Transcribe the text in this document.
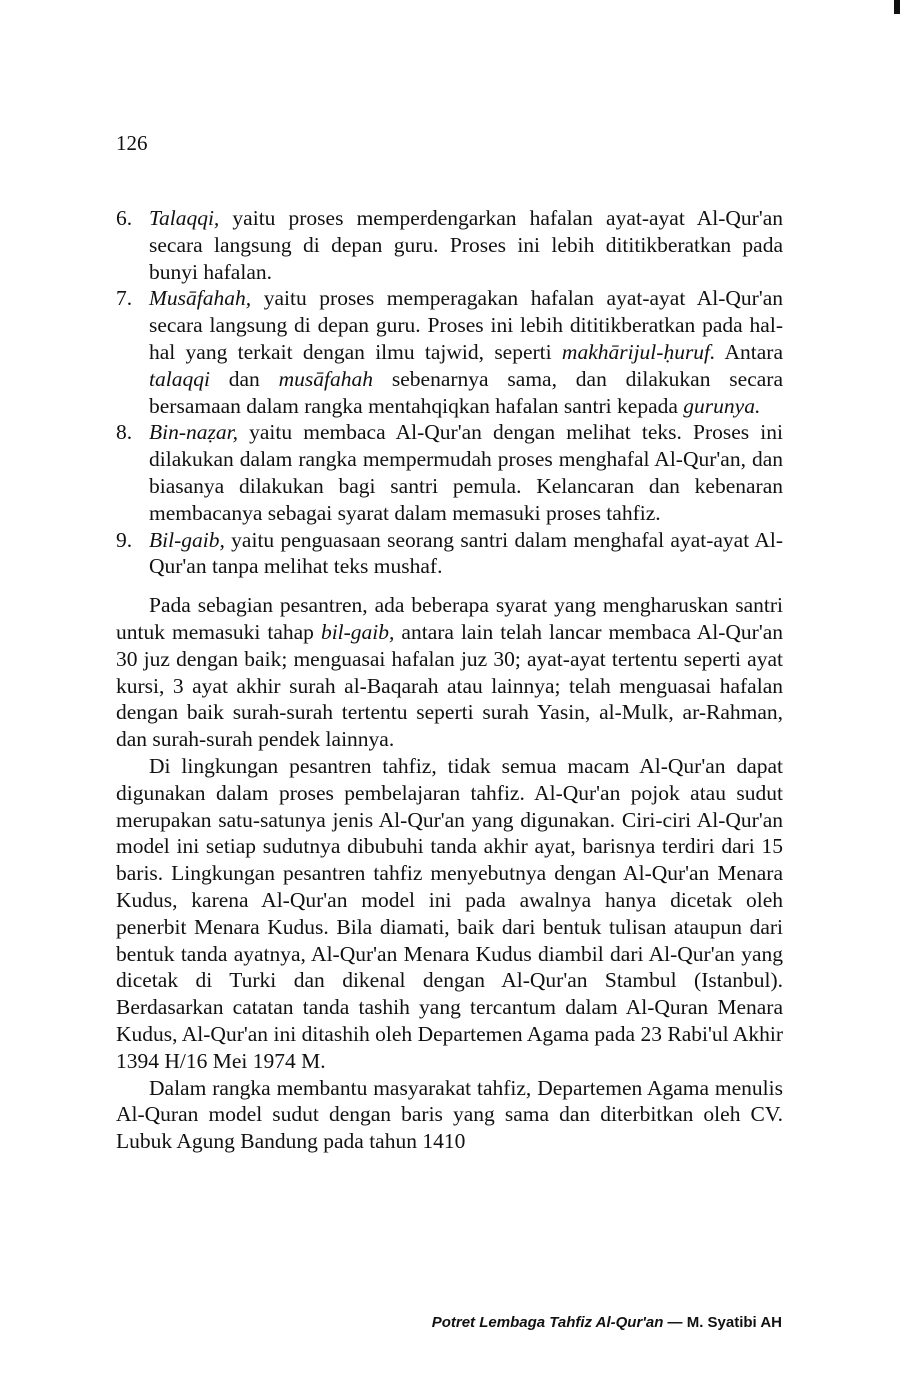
126
6. Talaqqi, yaitu proses memperdengarkan hafalan ayat-ayat Al-Qur'an secara langsung di depan guru. Proses ini lebih dititikberatkan pada bunyi hafalan.
7. Musāfahah, yaitu proses memperagakan hafalan ayat-ayat Al-Qur'an secara langsung di depan guru. Proses ini lebih dititikberatkan pada hal-hal yang terkait dengan ilmu tajwid, seperti makhārijul-ḥuruf. Antara talaqqi dan musāfahah sebenarnya sama, dan dilakukan secara bersamaan dalam rangka mentahqiqkan hafalan santri kepada gurunya.
8. Bin-naẓar, yaitu membaca Al-Qur'an dengan melihat teks. Proses ini dilakukan dalam rangka mempermudah proses menghafal Al-Qur'an, dan biasanya dilakukan bagi santri pemula. Kelancaran dan kebenaran membacanya sebagai syarat dalam memasuki proses tahfiz.
9. Bil-gaib, yaitu penguasaan seorang santri dalam menghafal ayat-ayat Al-Qur'an tanpa melihat teks mushaf.

Pada sebagian pesantren, ada beberapa syarat yang mengharuskan santri untuk memasuki tahap bil-gaib, antara lain telah lancar membaca Al-Qur'an 30 juz dengan baik; menguasai hafalan juz 30; ayat-ayat tertentu seperti ayat kursi, 3 ayat akhir surah al-Baqarah atau lainnya; telah menguasai hafalan dengan baik surah-surah tertentu seperti surah Yasin, al-Mulk, ar-Rahman, dan surah-surah pendek lainnya.

Di lingkungan pesantren tahfiz, tidak semua macam Al-Qur'an dapat digunakan dalam proses pembelajaran tahfiz. Al-Qur'an pojok atau sudut merupakan satu-satunya jenis Al-Qur'an yang digunakan. Ciri-ciri Al-Qur'an model ini setiap sudutnya dibubuhi tanda akhir ayat, barisnya terdiri dari 15 baris. Lingkungan pesantren tahfiz menyebutnya dengan Al-Qur'an Menara Kudus, karena Al-Qur'an model ini pada awalnya hanya dicetak oleh penerbit Menara Kudus. Bila diamati, baik dari bentuk tulisan ataupun dari bentuk tanda ayatnya, Al-Qur'an Menara Kudus diambil dari Al-Qur'an yang dicetak di Turki dan dikenal dengan Al-Qur'an Stambul (Istanbul). Berdasarkan catatan tanda tashih yang tercantum dalam Al-Quran Menara Kudus, Al-Qur'an ini ditashih oleh Departemen Agama pada 23 Rabi'ul Akhir 1394 H/16 Mei 1974 M.

Dalam rangka membantu masyarakat tahfiz, Departemen Agama menulis Al-Quran model sudut dengan baris yang sama dan diterbitkan oleh CV. Lubuk Agung Bandung pada tahun 1410

Potret Lembaga Tahfiz Al-Qur'an — M. Syatibi AH
